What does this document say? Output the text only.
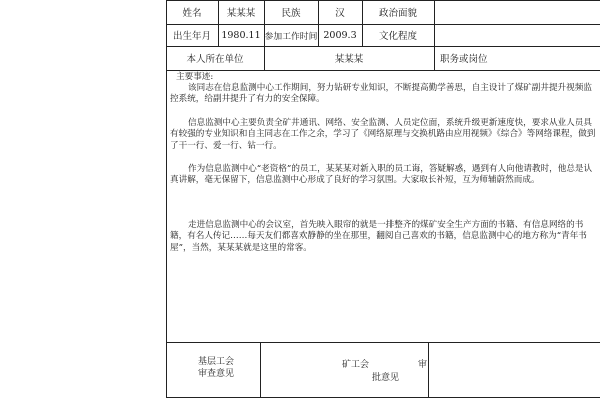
姓名	某某某	民族	汉	政治面貌
出生年月	1980.11 参加工作时间 2009.3	文化程度
本人所在单位	某某某	职务或岗位
主要事迹:
该同志在信息监测中心工作期间，努力钻研专业知识，不断提高勤学善思，自主设计了煤矿副井提升视频监控系统，给副井提升了有力的安全保障。
信息监测中心主要负责全矿井通讯、网络、安全监测、人员定位面，系统升级更新速度快，要求从业人员具有较强的专业知识和自主同志在工作之余，学习了《网络原理与交换机路由应用视频》《综合》等网络课程，做到了干一行、爱一行、钻一行。
作为信息监测中心“老资格”的员工，某某某对新入职的员工诲，答疑解惑，遇到有人向他请教时，他总是认真讲解，毫无保留下，信息监测中心形成了良好的学习氛围。大家取长补短，互为师辅蔚然而成。
走进信息监测中心的会议室，首先映入眼帘的就是一排整齐的煤矿安全生产方面的书籍、有信息网络的书籍，有名人传记……每天友们都喜欢静静的坐在那里，翻阅自己喜欢的书籍，信息监测中心的地方称为“青年书屋”，当然，某某某就是这里的常客。
基层工会
审查意见
矿工会	审
批意见
